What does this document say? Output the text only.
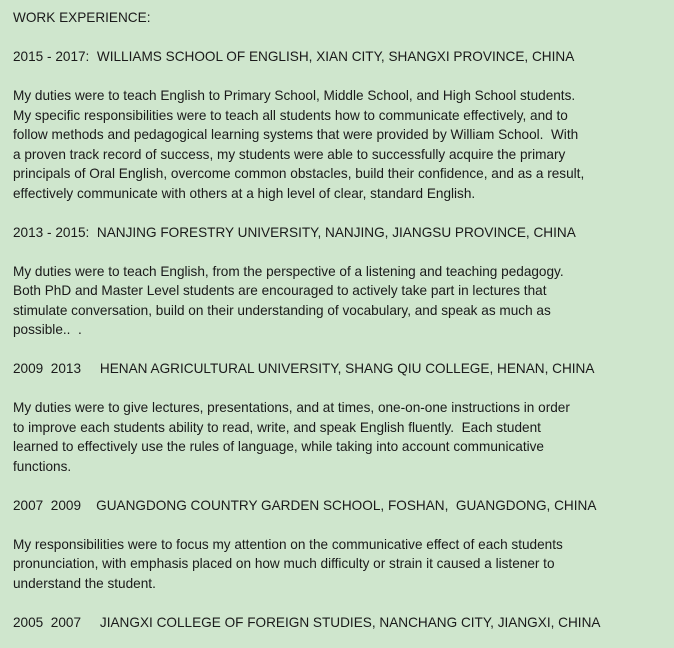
WORK EXPERIENCE:
2015 - 2017:  WILLIAMS SCHOOL OF ENGLISH, XIAN CITY, SHANGXI PROVINCE, CHINA
My duties were to teach English to Primary School, Middle School, and High School students.
My specific responsibilities were to teach all students how to communicate effectively, and to
follow methods and pedagogical learning systems that were provided by William School.  With
a proven track record of success, my students were able to successfully acquire the primary
principals of Oral English, overcome common obstacles, build their confidence, and as a result,
effectively communicate with others at a high level of clear, standard English.
2013 - 2015:  NANJING FORESTRY UNIVERSITY, NANJING, JIANGSU PROVINCE, CHINA
My duties were to teach English, from the perspective of a listening and teaching pedagogy.
Both PhD and Master Level students are encouraged to actively take part in lectures that
stimulate conversation, build on their understanding of vocabulary, and speak as much as
possible..  .
2009  2013     HENAN AGRICULTURAL UNIVERSITY, SHANG QIU COLLEGE, HENAN, CHINA
My duties were to give lectures, presentations, and at times, one-on-one instructions in order
to improve each students ability to read, write, and speak English fluently.  Each student
learned to effectively use the rules of language, while taking into account communicative
functions.
2007  2009    GUANGDONG COUNTRY GARDEN SCHOOL, FOSHAN,  GUANGDONG, CHINA
My responsibilities were to focus my attention on the communicative effect of each students
pronunciation, with emphasis placed on how much difficulty or strain it caused a listener to
understand the student.
2005  2007     JIANGXI COLLEGE OF FOREIGN STUDIES, NANCHANG CITY, JIANGXI, CHINA
